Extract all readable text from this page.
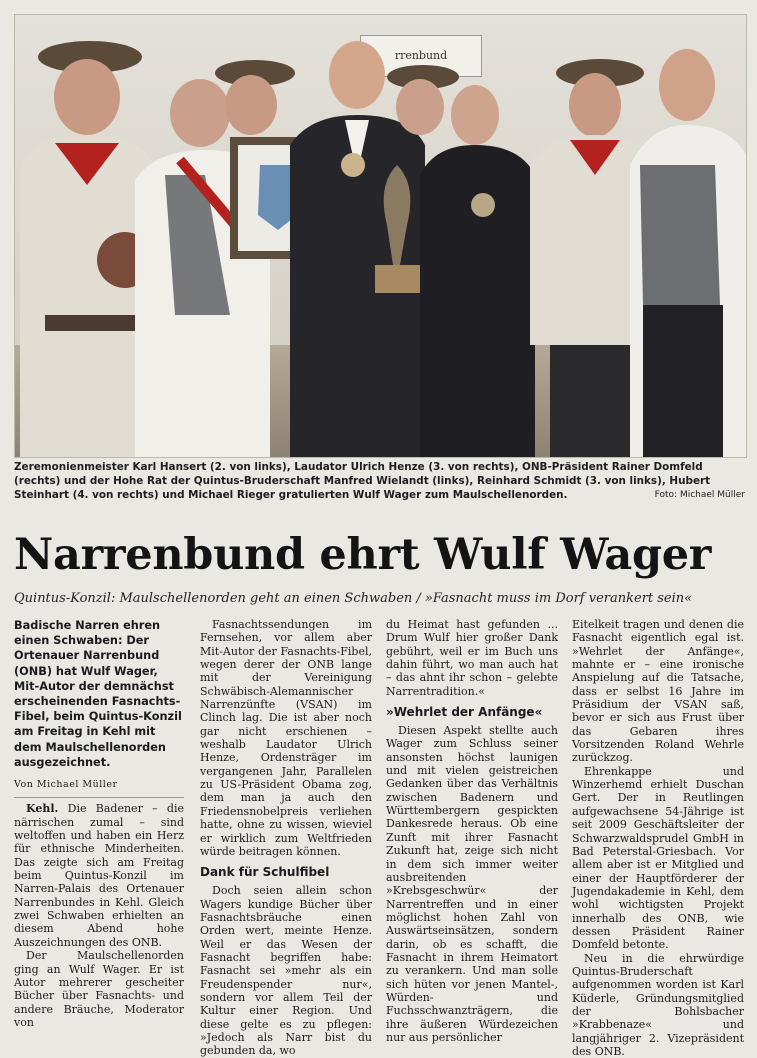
rrenbund
Zeremonienmeister Karl Hansert (2. von links), Laudator Ulrich Henze (3. von rechts), ONB-Präsident Rainer Domfeld (rechts) und der Hohe Rat der Quintus-Bruderschaft Manfred Wielandt (links), Reinhard Schmidt (3. von links), Hubert Steinhart (4. von rechts) und Michael Rieger gratulierten Wulf Wager zum Maulschellenorden.	Foto: Michael Müller
Narrenbund ehrt Wulf Wager
Quintus-Konzil: Maulschellenorden geht an einen Schwaben / »Fasnacht muss im Dorf verankert sein«
Badische Narren ehren einen Schwaben: Der Ortenauer Narrenbund (ONB) hat Wulf Wager, Mit-Autor der demnächst erscheinenden Fasnachts-Fibel, beim Quintus-Konzil am Freitag in Kehl mit dem Maulschellenorden ausgezeichnet.
Von Michael Müller

Kehl. Die Badener – die närrischen zumal – sind weltoffen und haben ein Herz für ethnische Minderheiten. Das zeigte sich am Freitag beim Quintus-Konzil im Narren-Palais des Ortenauer Narrenbundes in Kehl. Gleich zwei Schwaben erhielten an diesem Abend hohe Auszeichnungen des ONB.

Der Maulschellenorden ging an Wulf Wager. Er ist Autor mehrerer gescheiter Bücher über Fasnachts- und andere Bräuche, Moderator von

Fasnachtssendungen im Fernsehen, vor allem aber Mit-Autor der Fasnachts-Fibel, wegen derer der ONB lange mit der Vereinigung Schwäbisch-Alemannischer Narrenzünfte (VSAN) im Clinch lag. Die ist aber noch gar nicht erschienen – weshalb Laudator Ulrich Henze, Ordensträger im vergangenen Jahr, Parallelen zu US-Präsident Obama zog, dem man ja auch den Friedensnobelpreis verliehen hatte, ohne zu wissen, wieviel er wirklich zum Weltfrieden würde beitragen können.

Dank für Schulfibel

Doch seien allein schon Wagers kundige Bücher über Fasnachtsbräuche einen Orden wert, meinte Henze. Weil er das Wesen der Fasnacht begriffen habe: Fasnacht sei »mehr als ein Freudenspender nur«, sondern vor allem Teil der Kultur einer Region. Und diese gelte es zu pflegen: »Jedoch als Narr bist du gebunden da, wo

du Heimat hast gefunden ... Drum Wulf hier großer Dank gebührt, weil er im Buch uns dahin führt, wo man auch hat – das ahnt ihr schon – gelebte Narrentradition.«

»Wehrlet der Anfänge«

Diesen Aspekt stellte auch Wager zum Schluss seiner ansonsten höchst launigen und mit vielen geistreichen Gedanken über das Verhältnis zwischen Badenern und Württembergern gespickten Dankesrede heraus. Ob eine Zunft mit ihrer Fasnacht Zukunft hat, zeige sich nicht in dem sich immer weiter ausbreitenden »Krebsgeschwür« der Narrentreffen und in einer möglichst hohen Zahl von Auswärtseinsätzen, sondern darin, ob es schafft, die Fasnacht in ihrem Heimatort zu verankern. Und man solle sich hüten vor jenen Mantel-, Würden- und Fuchsschwanzträgern, die ihre äußeren Würdezeichen nur aus persönlicher

Eitelkeit tragen und denen die Fasnacht eigentlich egal ist. »Wehrlet der Anfänge«, mahnte er – eine ironische Anspielung auf die Tatsache, dass er selbst 16 Jahre im Präsidium der VSAN saß, bevor er sich aus Frust über das Gebaren ihres Vorsitzenden Roland Wehrle zurückzog.

Ehrenkappe und Winzerhemd erhielt Duschan Gert. Der in Reutlingen aufgewachsene 54-Jährige ist seit 2009 Geschäftsleiter der Schwarzwaldsprudel GmbH in Bad Peterstal-Griesbach. Vor allem aber ist er Mitglied und einer der Hauptförderer der Jugendakademie in Kehl, dem wohl wichtigsten Projekt innerhalb des ONB, wie dessen Präsident Rainer Domfeld betonte.

Neu in die ehrwürdige Quintus-Bruderschaft aufgenommen worden ist Karl Küderle, Gründungsmitglied der Bohlsbacher »Krabbenaze« und langjähriger 2. Vizepräsident des ONB.
